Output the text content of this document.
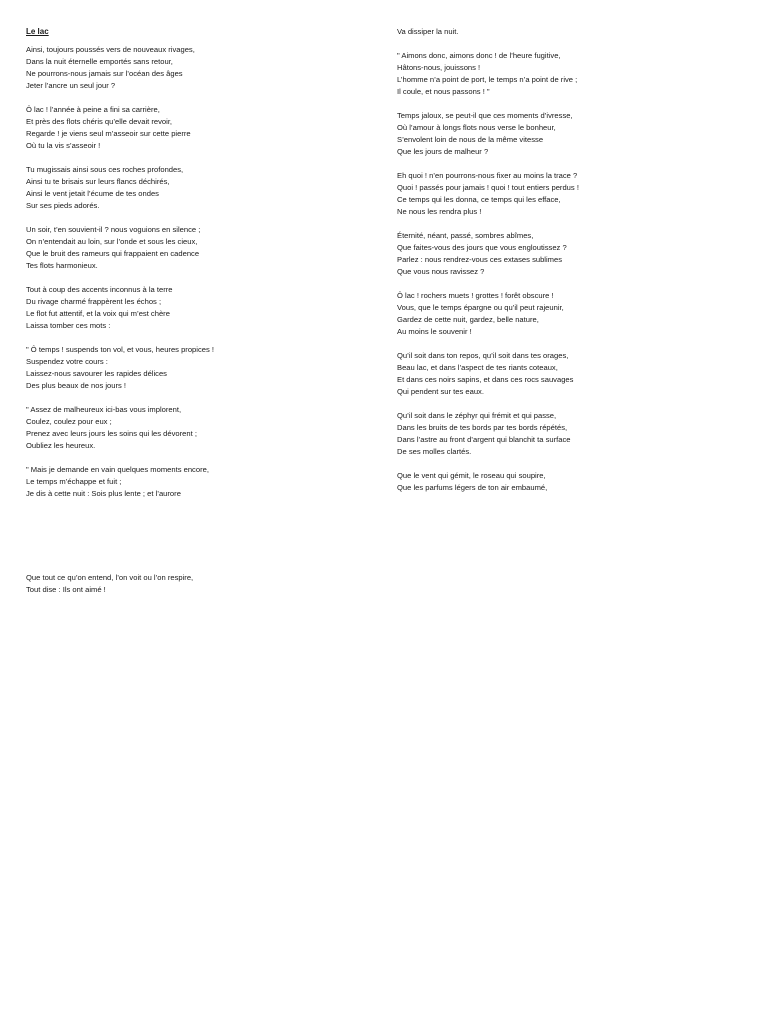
Le lac
Ainsi, toujours poussés vers de nouveaux rivages,
Dans la nuit éternelle emportés sans retour,
Ne pourrons-nous jamais sur l’océan des âges
Jeter l’ancre un seul jour ?
Ô lac ! l’année à peine a fini sa carrière,
Et près des flots chéris qu’elle devait revoir,
Regarde ! je viens seul m’asseoir sur cette pierre
Où tu la vis s’asseoir !
Tu mugissais ainsi sous ces roches profondes,
Ainsi tu te brisais sur leurs flancs déchirés,
Ainsi le vent jetait l’écume de tes ondes
Sur ses pieds adorés.
Un soir, t’en souvient-il ? nous voguions en silence ;
On n’entendait au loin, sur l’onde et sous les cieux,
Que le bruit des rameurs qui frappaient en cadence
Tes flots harmonieux.
Tout à coup des accents inconnus à la terre
Du rivage charmé frappèrent les échos ;
Le flot fut attentif, et la voix qui m’est chère
Laissa tomber ces mots :
" Ô temps ! suspends ton vol, et vous, heures propices !
Suspendez votre cours :
Laissez-nous savourer les rapides délices
Des plus beaux de nos jours !
" Assez de malheureux ici-bas vous implorent,
Coulez, coulez pour eux ;
Prenez avec leurs jours les soins qui les dévorent ;
Oubliez les heureux.
" Mais je demande en vain quelques moments encore,
Le temps m’échappe et fuit ;
Je dis à cette nuit : Sois plus lente ; et l’aurore
Que tout ce qu’on entend, l’on voit ou l’on respire,
Tout dise : Ils ont aimé !
Va dissiper la nuit.
" Aimons donc, aimons donc ! de l’heure fugitive,
Hâtons-nous, jouissons !
L’homme n’a point de port, le temps n’a point de rive ;
Il coule, et nous passons ! "
Temps jaloux, se peut-il que ces moments d’ivresse,
Où l’amour à longs flots nous verse le bonheur,
S’envolent loin de nous de la même vitesse
Que les jours de malheur ?
Eh quoi ! n’en pourrons-nous fixer au moins la trace ?
Quoi ! passés pour jamais ! quoi ! tout entiers perdus !
Ce temps qui les donna, ce temps qui les efface,
Ne nous les rendra plus !
Éternité, néant, passé, sombres abîmes,
Que faites-vous des jours que vous engloutissez ?
Parlez : nous rendrez-vous ces extases sublimes
Que vous nous ravissez ?
Ô lac ! rochers muets ! grottes ! forêt obscure !
Vous, que le temps épargne ou qu’il peut rajeunir,
Gardez de cette nuit, gardez, belle nature,
Au moins le souvenir !
Qu’il soit dans ton repos, qu’il soit dans tes orages,
Beau lac, et dans l’aspect de tes riants coteaux,
Et dans ces noirs sapins, et dans ces rocs sauvages
Qui pendent sur tes eaux.
Qu’il soit dans le zéphyr qui frémit et qui passe,
Dans les bruits de tes bords par tes bords répétés,
Dans l’astre au front d’argent qui blanchit ta surface
De ses molles clartés.
Que le vent qui gémit, le roseau qui soupire,
Que les parfums légers de ton air embaumé,
